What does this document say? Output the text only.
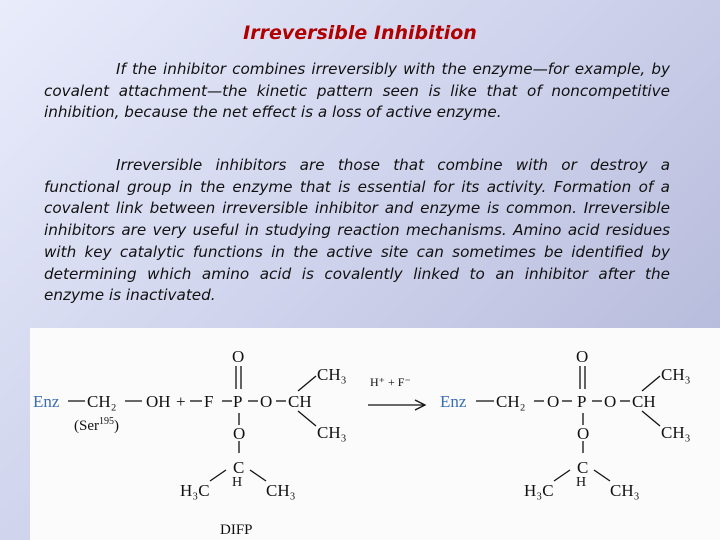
Irreversible Inhibition

If the inhibitor combines irreversibly with the enzyme—for example, by covalent attachment—the kinetic pattern seen is like that of noncompetitive inhibition, because the net effect is a loss of active enzyme.

Irreversible inhibitors are those that combine with or destroy a functional group in the enzyme that is essential for its activity. Formation of a covalent link between irreversible inhibitor and enzyme is common. Irreversible inhibitors are very useful in studying reaction mechanisms. Amino acid residues with key catalytic functions in the active site can sometimes be identified by determining which amino acid is covalently linked to an inhibitor after the enzyme is inactivated.

Enz CH₂ OH + F P
O
O CH
CH₃
CH₃
O
C
H
H₃C	CH₃
(Ser$^{195}$)
DIFP
H⁺ + F⁻
Enz CH₂ O P
O
O CH
CH₃
CH₃
O
C
H
H₃C	CH₃
